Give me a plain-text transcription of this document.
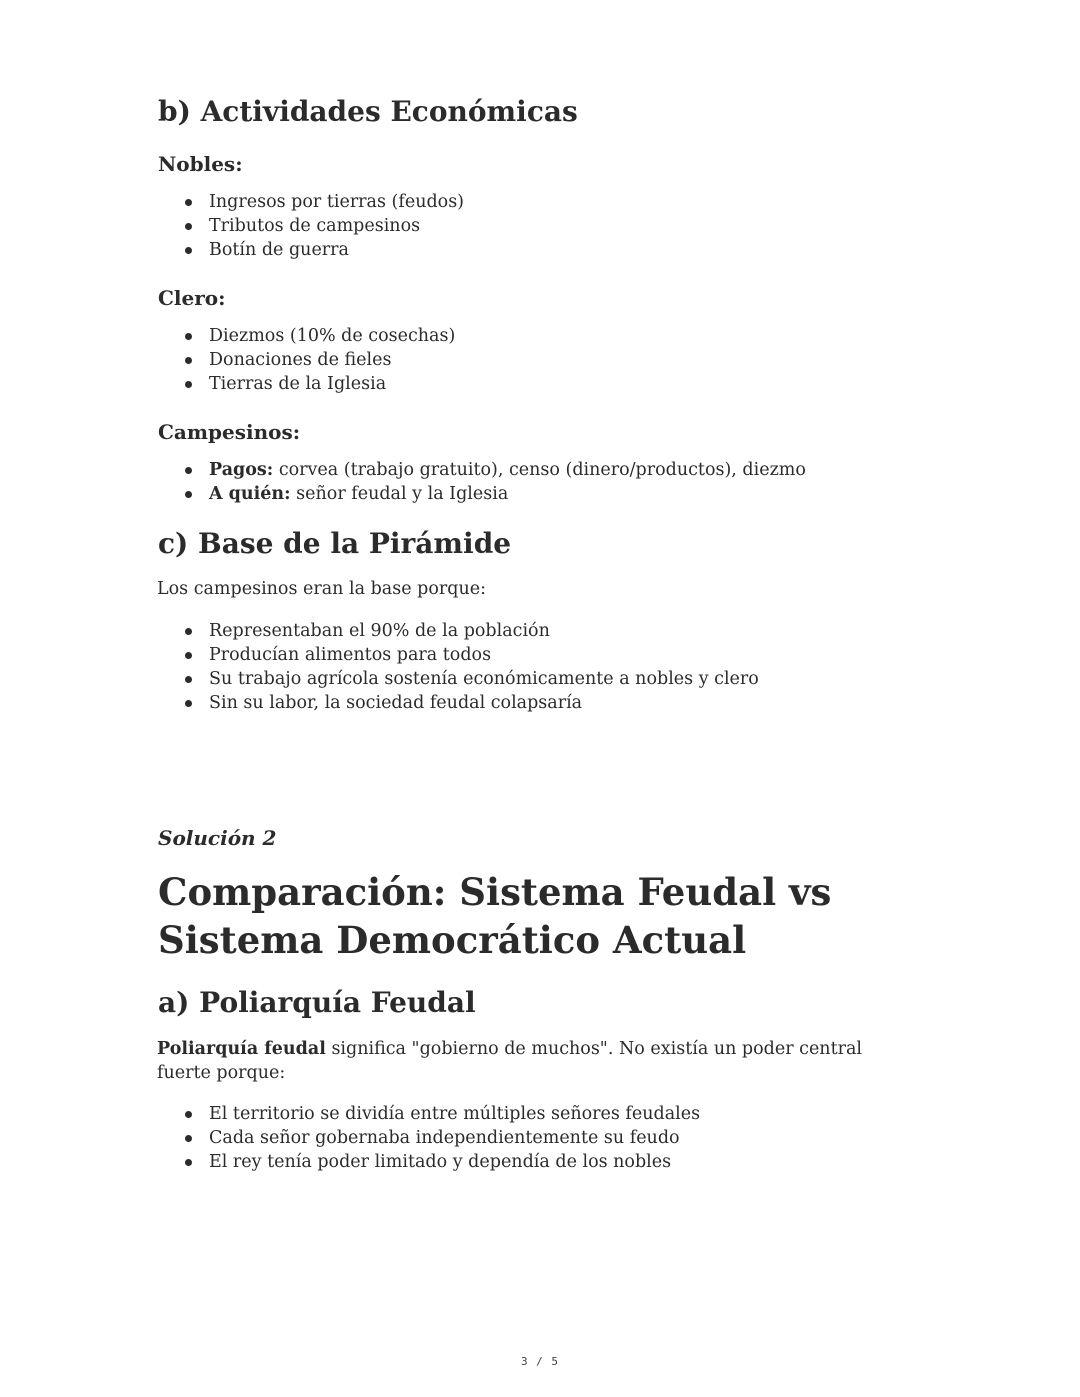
b) Actividades Económicas
Nobles:
Ingresos por tierras (feudos)
Tributos de campesinos
Botín de guerra
Clero:
Diezmos (10% de cosechas)
Donaciones de fieles
Tierras de la Iglesia
Campesinos:
Pagos: corvea (trabajo gratuito), censo (dinero/productos), diezmo
A quién: señor feudal y la Iglesia
c) Base de la Pirámide
Los campesinos eran la base porque:
Representaban el 90% de la población
Producían alimentos para todos
Su trabajo agrícola sostenía económicamente a nobles y clero
Sin su labor, la sociedad feudal colapsaría
Solución 2
Comparación: Sistema Feudal vs Sistema Democrático Actual
a) Poliarquía Feudal
Poliarquía feudal significa "gobierno de muchos". No existía un poder central fuerte porque:
El territorio se dividía entre múltiples señores feudales
Cada señor gobernaba independientemente su feudo
El rey tenía poder limitado y dependía de los nobles
3 / 5
